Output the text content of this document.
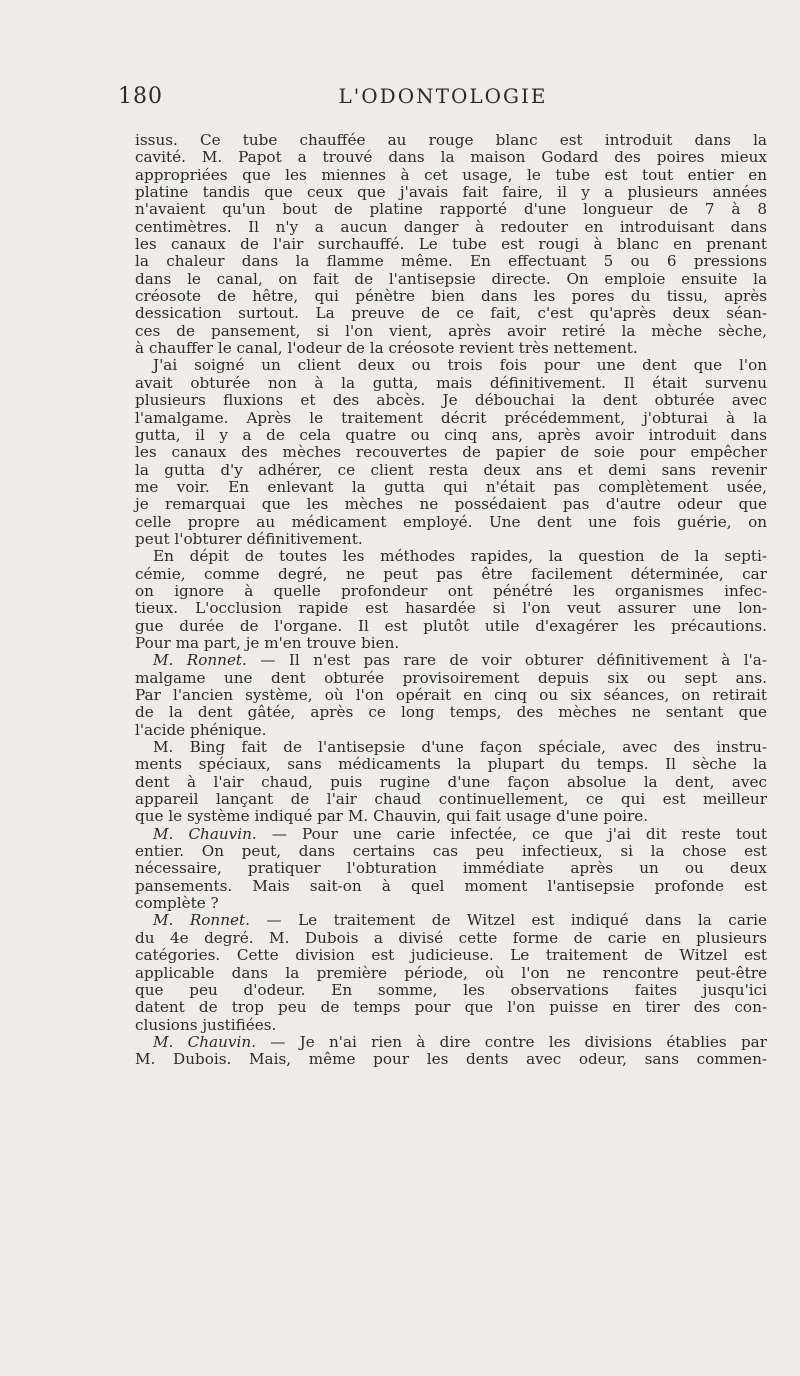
180	L'ODONTOLOGIE
issus. Ce tube chauffée au rouge blanc est introduit dans la
cavité. M. Papot a trouvé dans la maison Godard des poires mieux
appropriées que les miennes à cet usage, le tube est tout entier en
platine tandis que ceux que j'avais fait faire, il y a plusieurs années
n'avaient qu'un bout de platine rapporté d'une longueur de 7 à 8
centimètres. Il n'y a aucun danger à redouter en introduisant dans
les canaux de l'air surchauffé. Le tube est rougi à blanc en prenant
la chaleur dans la flamme même. En effectuant 5 ou 6 pressions
dans le canal, on fait de l'antisepsie directe. On emploie ensuite la
créosote de hêtre, qui pénètre bien dans les pores du tissu, après
dessication surtout. La preuve de ce fait, c'est qu'après deux séan-
ces de pansement, si l'on vient, après avoir retiré la mèche sèche,
à chauffer le canal, l'odeur de la créosote revient très nettement.
J'ai soigné un client deux ou trois fois pour une dent que l'on
avait obturée non à la gutta, mais définitivement. Il était survenu
plusieurs fluxions et des abcès. Je débouchai la dent obturée avec
l'amalgame. Après le traitement décrit précédemment, j'obturai à la
gutta, il y a de cela quatre ou cinq ans, après avoir introduit dans
les canaux des mèches recouvertes de papier de soie pour empêcher
la gutta d'y adhérer, ce client resta deux ans et demi sans revenir
me voir. En enlevant la gutta qui n'était pas complètement usée,
je remarquai que les mèches ne possédaient pas d'autre odeur que
celle propre au médicament employé. Une dent une fois guérie, on
peut l'obturer définitivement.
En dépit de toutes les méthodes rapides, la question de la septi-
cémie, comme degré, ne peut pas être facilement déterminée, car
on ignore à quelle profondeur ont pénétré les organismes infec-
tieux. L'occlusion rapide est hasardée si l'on veut assurer une lon-
gue durée de l'organe. Il est plutôt utile d'exagérer les précautions.
Pour ma part, je m'en trouve bien.
M. Ronnet. — Il n'est pas rare de voir obturer définitivement à l'a-
malgame une dent obturée provisoirement depuis six ou sept ans.
Par l'ancien système, où l'on opérait en cinq ou six séances, on retirait
de la dent gâtée, après ce long temps, des mèches ne sentant que
l'acide phénique.
M. Bing fait de l'antisepsie d'une façon spéciale, avec des instru-
ments spéciaux, sans médicaments la plupart du temps. Il sèche la
dent à l'air chaud, puis rugine d'une façon absolue la dent, avec
appareil lançant de l'air chaud continuellement, ce qui est meilleur
que le système indiqué par M. Chauvin, qui fait usage d'une poire.
M. Chauvin. — Pour une carie infectée, ce que j'ai dit reste tout
entier. On peut, dans certains cas peu infectieux, si la chose est
nécessaire, pratiquer l'obturation immédiate après un ou deux
pansements. Mais sait-on à quel moment l'antisepsie profonde est
complète ?
M. Ronnet. — Le traitement de Witzel est indiqué dans la carie
du 4e degré. M. Dubois a divisé cette forme de carie en plusieurs
catégories. Cette division est judicieuse. Le traitement de Witzel est
applicable dans la première période, où l'on ne rencontre peut-être
que peu d'odeur. En somme, les observations faites jusqu'ici
datent de trop peu de temps pour que l'on puisse en tirer des con-
clusions justifiées.
M. Chauvin. — Je n'ai rien à dire contre les divisions établies par
M. Dubois. Mais, même pour les dents avec odeur, sans commen-
